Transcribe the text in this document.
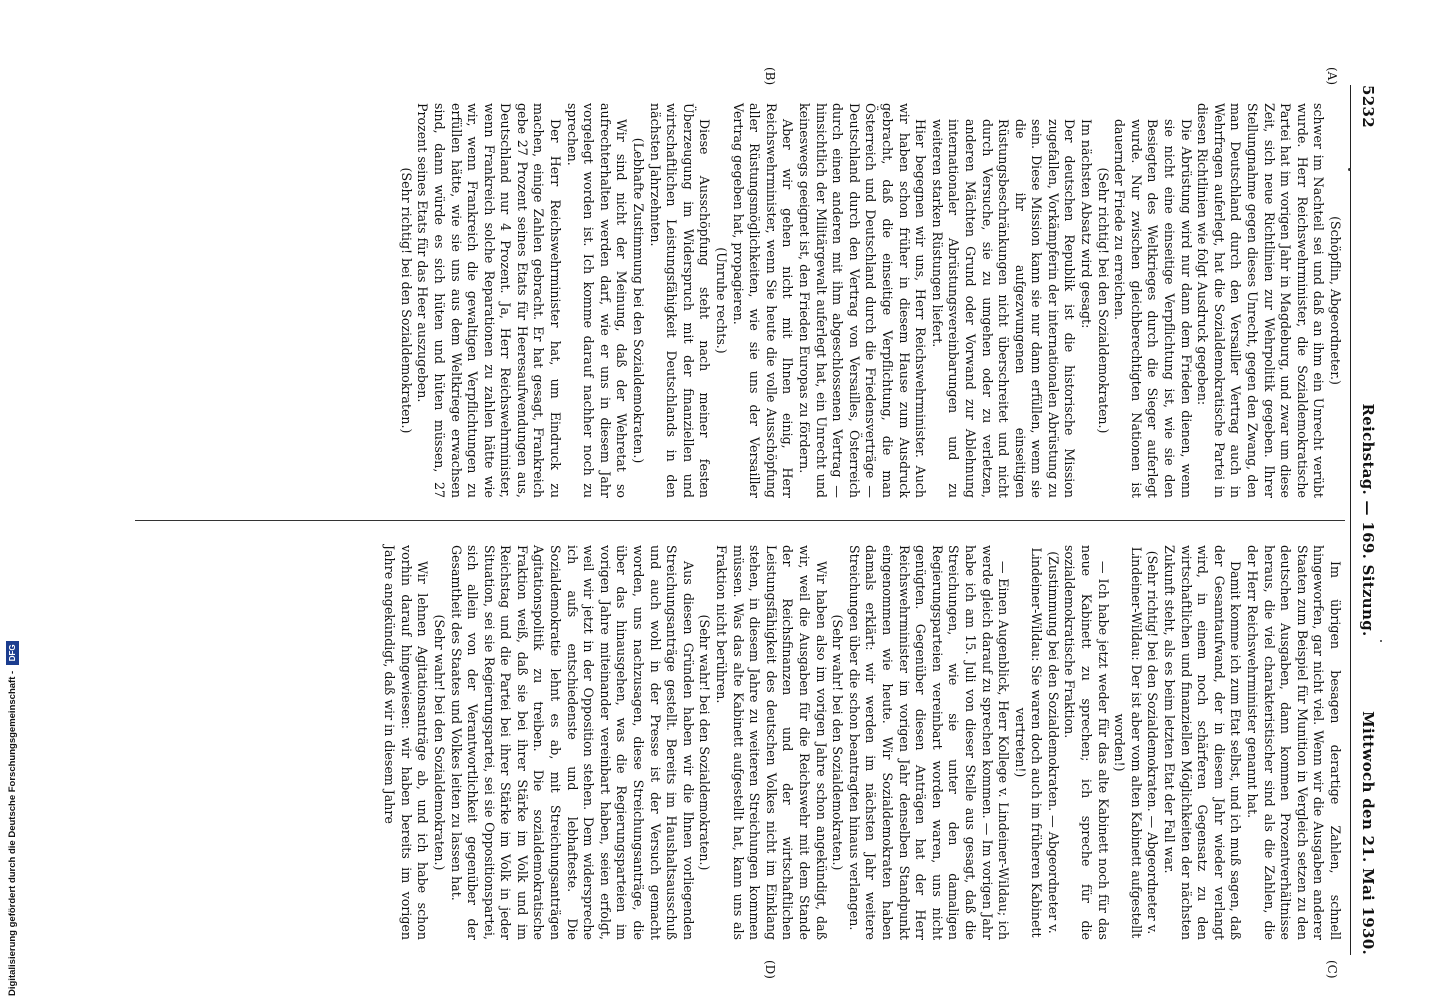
5232
Reichstag. — 169. Sitzung.
Mittwoch den 21. Mai 1930.
(A)
(B)
(C)
(D)

(Schöpflin, Abgeordneter.)

schwer im Nachteil sei und daß an ihm ein Unrecht verübt wurde. Herr Reichswehrminister, die Sozialdemokratische Partei hat im vorigen Jahr in Magdeburg, und zwar um diese Zeit, sich neue Richtlinien zur Wehrpolitik gegeben. Ihrer Stellungnahme gegen dieses Unrecht, gegen den Zwang, den man Deutschland durch den Versailler Vertrag auch in Wehrfragen auferlegt, hat die Sozialdemokratische Partei in diesen Richtlinien wie folgt Ausdruck gegeben:

Die Abrüstung wird nur dann dem Frieden dienen, wenn sie nicht eine einseitige Verpflichtung ist, wie sie den Besiegten des Weltkrieges durch die Sieger auferlegt wurde. Nur zwischen gleichberechtigten Nationen ist dauernder Friede zu erreichen.

(Sehr richtig! bei den Sozialdemokraten.)

Im nächsten Absatz wird gesagt:

Der deutschen Republik ist die historische Mission zugefallen, Vorkämpferin der internationalen Abrüstung zu sein. Diese Mission kann sie nur dann erfüllen, wenn sie die ihr aufgezwungenen einseitigen Rüstungsbeschränkungen nicht überschreitet und nicht durch Versuche, sie zu umgehen oder zu verletzen, anderen Mächten Grund oder Vorwand zur Ablehnung internationaler Abrüstungsvereinbarungen und zu weiteren starken Rüstungen liefert.

Hier begegnen wir uns, Herr Reichswehrminister. Auch wir haben schon früher in diesem Hause zum Ausdruck gebracht, daß die einseitige Verpflichtung, die man Österreich und Deutschland durch die Friedensverträge — Deutschland durch den Vertrag von Versailles, Österreich durch einen anderen mit ihm abgeschlossenen Vertrag — hinsichtlich der Militärgewalt auferlegt hat, ein Unrecht und keineswegs geeignet ist, den Frieden Europas zu fördern.

Aber wir gehen nicht mit Ihnen einig, Herr Reichswehrminister, wenn Sie heute die volle Ausschöpfung aller Rüstungsmöglichkeiten, wie sie uns der Versailler Vertrag gegeben hat, propagieren.

(Unruhe rechts.)

Diese Ausschöpfung steht nach meiner festen Überzeugung im Widerspruch mit der finanziellen und wirtschaftlichen Leistungsfähigkeit Deutschlands in den nächsten Jahrzehnten.

(Lebhafte Zustimmung bei den Sozialdemokraten.)

Wir sind nicht der Meinung, daß der Wehretat so aufrechterhalten werden darf, wie er uns in diesem Jahr vorgelegt worden ist. Ich komme darauf nachher noch zu sprechen.

Der Herr Reichswehrminister hat, um Eindruck zu machen, einige Zahlen gebracht. Er hat gesagt, Frankreich gebe 27 Prozent seines Etats für Heeresaufwendungen aus, Deutschland nur 4 Prozent. Ja, Herr Reichswehrminister, wenn Frankreich solche Reparationen zu zahlen hätte wie wir, wenn Frankreich die gewaltigen Verpflichtungen zu erfüllen hätte, wie sie uns aus dem Weltkriege erwachsen sind, dann würde es sich hüten und hüten müssen, 27 Prozent seines Etats für das Heer auszugeben.

(Sehr richtig! bei den Sozialdemokraten.)

Im übrigen besagen derartige Zahlen, schnell hingeworfen, gar nicht viel. Wenn wir die Ausgaben anderer Staaten zum Beispiel für Munition in Vergleich setzen zu den deutschen Ausgaben, dann kommen Prozentverhältnisse heraus, die viel charakteristischer sind als die Zahlen, die der Herr Reichswehrminister genannt hat.

Damit komme ich zum Etat selbst, und ich muß sagen, daß der Gesamtaufwand, der in diesem Jahr wieder verlangt wird, in einem noch schärferen Gegensatz zu den wirtschaftlichen und finanziellen Möglichkeiten der nächsten Zukunft steht, als es beim letzten Etat der Fall war.

(Sehr richtig! bei den Sozialdemokraten. — Abgeordneter v. Lindeiner-Wildau: Der ist aber vom alten Kabinett aufgestellt worden!)

— Ich habe jetzt weder für das alte Kabinett noch für das neue Kabinett zu sprechen; ich spreche für die sozialdemokratische Fraktion.

(Zustimmung bei den Sozialdemokraten. — Abgeordneter v. Lindeiner-Wildau: Sie waren doch auch im früheren Kabinett vertreten!)

— Einen Augenblick, Herr Kollege v. Lindeiner-Wildau; ich werde gleich darauf zu sprechen kommen. — Im vorigen Jahr habe ich am 15. Juli von dieser Stelle aus gesagt, daß die Streichungen, wie sie unter den damaligen Regierungsparteien vereinbart worden waren, uns nicht genügten. Gegenüber diesen Anträgen hat der Herr Reichswehrminister im vorigen Jahr denselben Standpunkt eingenommen wie heute. Wir Sozialdemokraten haben damals erklärt: wir werden im nächsten Jahr weitere Streichungen über die schon beantragten hinaus verlangen.

(Sehr wahr! bei den Sozialdemokraten.)

Wir haben also im vorigen Jahre schon angekündigt, daß wir, weil die Ausgaben für die Reichswehr mit dem Stande der Reichsfinanzen und der wirtschaftlichen Leistungsfähigkeit des deutschen Volkes nicht im Einklang stehen, in diesem Jahre zu weiteren Streichungen kommen müssen. Was das alte Kabinett aufgestellt hat, kann uns als Fraktion nicht berühren.

(Sehr wahr! bei den Sozialdemokraten.)

Aus diesen Gründen haben wir die Ihnen vorliegenden Streichungsanträge gestellt. Bereits im Haushaltsausschuß und auch wohl in der Presse ist der Versuch gemacht worden, uns nachzusagen, diese Streichungsanträge, die über das hinausgehen, was die Regierungsparteien im vorigen Jahre miteinander vereinbart haben, seien erfolgt, weil wir jetzt in der Opposition stehen. Dem widerspreche ich aufs entschiedenste und lebhafteste. Die Sozialdemokratie lehnt es ab, mit Streichungsanträgen Agitationspolitik zu treiben. Die sozialdemokratische Fraktion weiß, daß sie bei ihrer Stärke im Volk und im Reichstag und die Partei bei ihrer Stärke im Volk in jeder Situation, sei sie Regierungspartei, sei sie Oppositionspartei, sich allein von der Verantwortlichkeit gegenüber der Gesamtheit des Staates und Volkes leiten zu lassen hat.

(Sehr wahr! bei den Sozialdemokraten.)

Wir lehnen Agitationsanträge ab, und ich habe schon vorhin darauf hingewiesen: wir haben bereits im vorigen Jahre angekündigt, daß wir in diesem Jahre

Digitalisierung gefördert durch die Deutsche Forschungsgemeinschaft -
DFG
